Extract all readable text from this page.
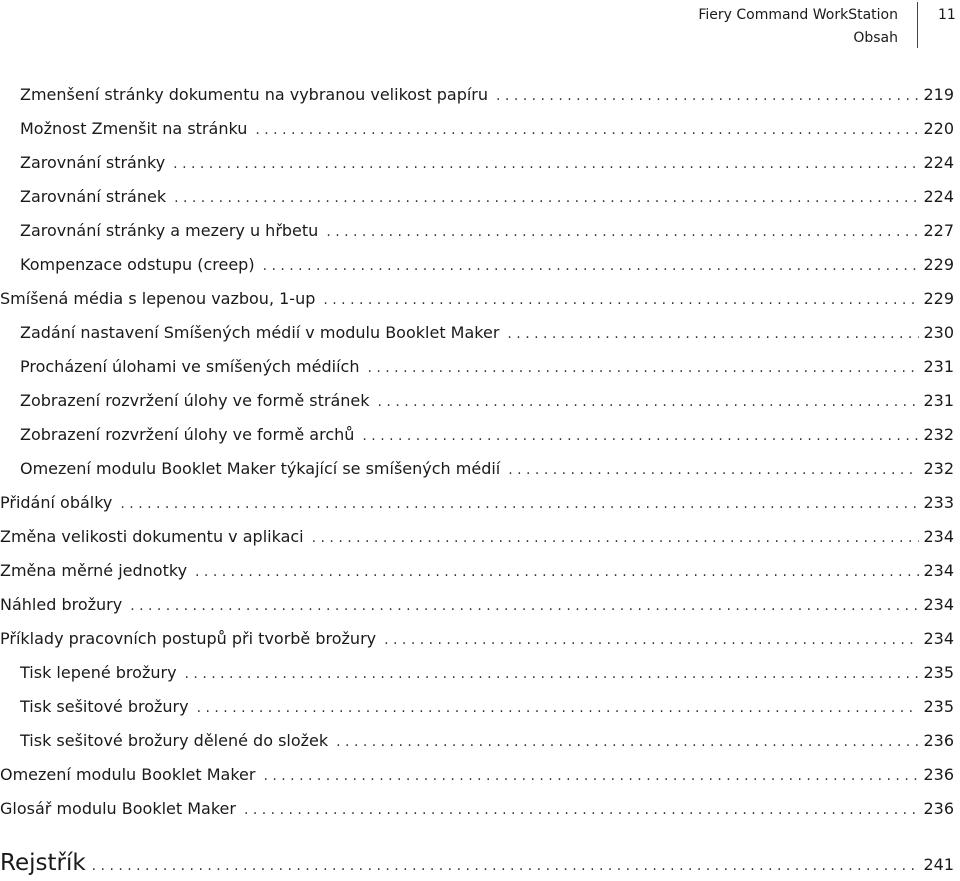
Fiery Command WorkStation
Obsah
11
Zmenšení stránky dokumentu na vybranou velikost papíru . . .	219
Možnost Zmenšit na stránku . . .	220
Zarovnání stránky . . .	224
Zarovnání stránek . . .	224
Zarovnání stránky a mezery u hřbetu . . .	227
Kompenzace odstupu (creep) . . .	229
Smíšená média s lepenou vazbou, 1-up . . .	229
Zadání nastavení Smíšených médií v modulu Booklet Maker . . .	230
Procházení úlohami ve smíšených médiích . . .	231
Zobrazení rozvržení úlohy ve formě stránek . . .	231
Zobrazení rozvržení úlohy ve formě archů . . .	232
Omezení modulu Booklet Maker týkající se smíšených médií . . .	232
Přidání obálky . . .	233
Změna velikosti dokumentu v aplikaci . . .	234
Změna měrné jednotky . . .	234
Náhled brožury . . .	234
Příklady pracovních postupů při tvorbě brožury . . .	234
Tisk lepené brožury . . .	235
Tisk sešitové brožury . . .	235
Tisk sešitové brožury dělené do složek . . .	236
Omezení modulu Booklet Maker . . .	236
Glosář modulu Booklet Maker . . .	236
Rejstřík . . .	241
